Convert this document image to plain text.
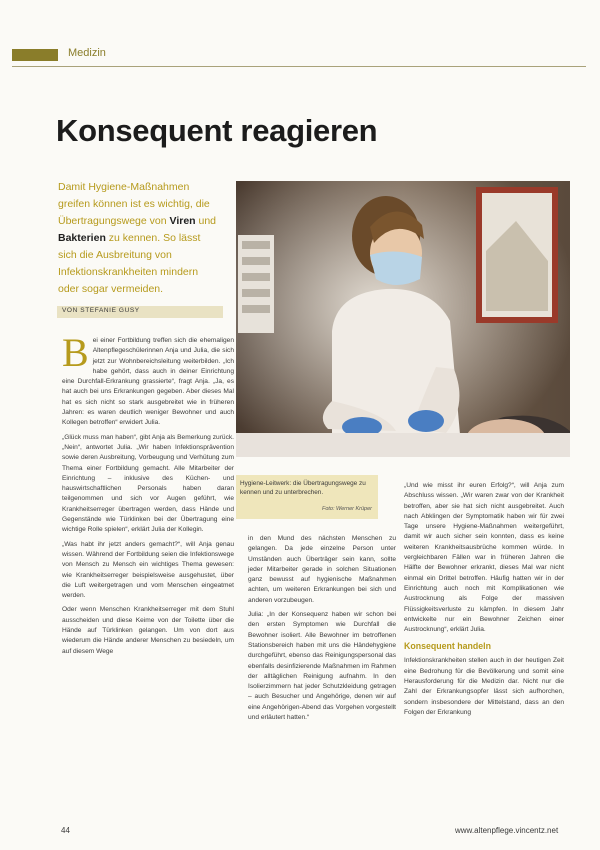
Medizin
Konsequent reagieren
Damit Hygiene-Maßnahmen greifen können ist es wichtig, die Übertragungswege von Viren und Bakterien zu kennen. So lässt sich die Ausbreitung von Infektionskrankheiten mindern oder sogar vermeiden.
VON STEFANIE GUSY

Bei einer Fortbildung treffen sich die ehemaligen Altenpflegeschülerinnen Anja und Julia, die sich jetzt zur Wohnbereichsleitung weiterbilden. „Ich habe gehört, dass auch in deiner Einrichtung eine Durchfall-Erkrankung grassierte“, fragt Anja. „Ja, es hat auch bei uns Erkrankungen gegeben. Aber dieses Mal hat es sich nicht so stark ausgebreitet wie in früheren Jahren: es waren deutlich weniger Bewohner und auch Kollegen betroffen“ erwidert Julia.

„Glück muss man haben“, gibt Anja als Bemerkung zurück. „Nein“, antwortet Julia. „Wir haben Infektionsprävention sowie deren Ausbreitung, Vorbeugung und Verhütung zum Thema einer Fortbildung gemacht. Alle Mitarbeiter der Einrichtung – inklusive des Küchen- und hauswirtschaftlichen Personals haben daran teilgenommen und sich vor Augen geführt, wie Krankheitserreger übertragen werden, dass Hände und Gegenstände wie Türklinken bei der Übertragung eine wichtige Rolle spielen“, erklärt Julia der Kollegin.

„Was habt ihr jetzt anders gemacht?“, will Anja genau wissen. Während der Fortbildung seien die Infektionswege von Mensch zu Mensch ein wichtiges Thema gewesen: wie Krankheitserreger beispielsweise ausgehustet, über die Luft weitergetragen und vom Menschen eingeatmet werden.

Oder wenn Menschen Krankheitserreger mit dem Stuhl ausscheiden und diese Keime von der Toilette über die Hände auf Türklinken gelangen. Um von dort aus wiederum die Hände anderer Menschen zu besiedeln, um auf diesem Wege

Hygiene-Leitwerk: die Übertragungswege zu kennen und zu unterbrechen.
Foto: Werner Krüper

in den Mund des nächsten Menschen zu gelangen. Da jede einzelne Person unter Umständen auch Überträger sein kann, sollte jeder Mitarbeiter gerade in solchen Situationen ganz bewusst auf hygienische Maßnahmen achten, um weiteren Erkrankungen bei sich und anderen vorzubeugen.

Julia: „In der Konsequenz haben wir schon bei den ersten Symptomen wie Durchfall die Bewohner isoliert. Alle Bewohner im betroffenen Stationsbereich haben mit uns die Händehygiene durchgeführt, ebenso das Reinigungspersonal das ebenfalls desinfizierende Maßnahmen im Rahmen der alltäglichen Reinigung aufnahm. In den Isolierzimmern hat jeder Schutzkleidung getragen – auch Besucher und Angehörige, denen wir auf eine Angehörigen-Abend das Vorgehen vorgestellt und erläutert hatten.“

„Und wie misst ihr euren Erfolg?“, will Anja zum Abschluss wissen. „Wir waren zwar von der Krankheit betroffen, aber sie hat sich nicht ausgebreitet. Auch nach Abklingen der Symptomatik haben wir für zwei Tage unsere Hygiene-Maßnahmen weitergeführt, damit wir auch sicher sein konnten, dass es keine weiteren Krankheitsausbrüche kommen würde. In vergleichbaren Fällen war in früheren Jahren die Hälfte der Bewohner erkrankt, dieses Mal war nicht einmal ein Drittel betroffen. Häufig hatten wir in der Einrichtung auch noch mit Komplikationen wie Austrocknung als Folge der massiven Flüssigkeitsverluste zu kämpfen. In diesem Jahr entwickelte nur ein Bewohner Zeichen einer Austrocknung“, erklärt Julia.

Konsequent handeln

Infektionskrankheiten stellen auch in der heutigen Zeit eine Bedrohung für die Bevölkerung und somit eine Herausforderung für die Medizin dar. Nicht nur die Zahl der Erkrankungsopfer lässt sich aufhorchen, sondern insbesondere der Mittelstand, dass an den Folgen der Erkrankung

44	www.altenpflege.vincentz.net
